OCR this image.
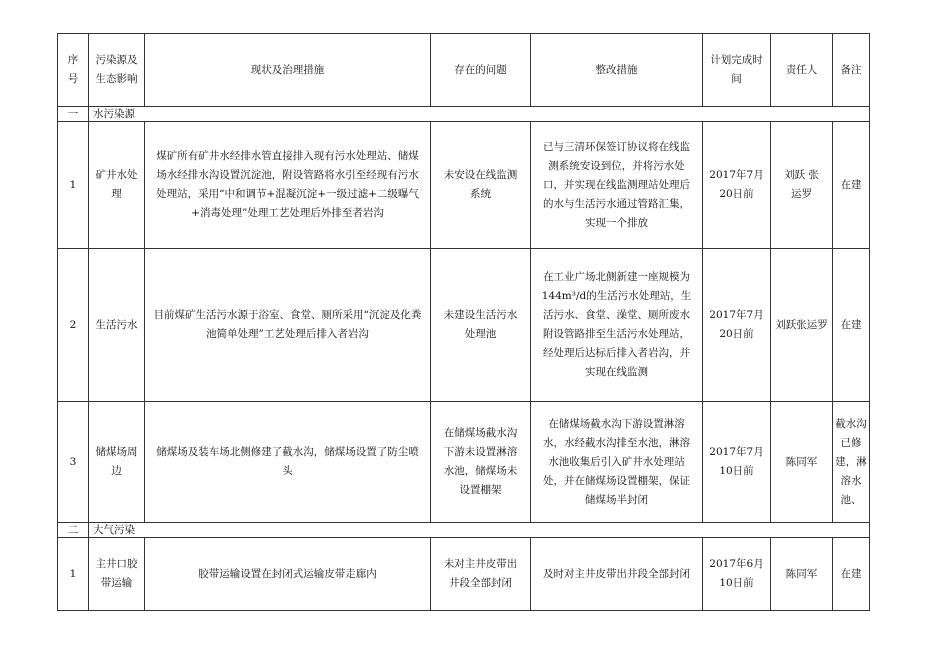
序号	污染源及生态影响	现状及治理措施	存在的问题	整改措施	计划完成时间	责任人	备注
一	水污染源						
1	矿井水处理	煤矿所有矿井水经排水管直接排入现有污水处理站、储煤场水经排水沟设置沉淀池，附设管路将水引至经现有污水处理站，采用“中和调节+混凝沉淀+一级过滤+二级曝气+消毒处理”处理工艺处理后外排至者岩沟	未安设在线监测系统	已与三清环保签订协议将在线监测系统安设到位，并将污水处口，并实现在线监测理站处理后的水与生活污水通过管路汇集，实现一个排放	2017年7月20日前	刘跃 张运罗	在建
2	生活污水	目前煤矿生活污水源于浴室、食堂、厕所采用“沉淀及化粪池简单处理”工艺处理后排入者岩沟	未建设生活污水处理池	在工业广场北侧新建一座规模为144m³/d的生活污水处理站，生活污水、食堂、澡堂、厕所废水附设管路排至生活污水处理站，经处理后达标后排入者岩沟，并实现在线监测	2017年7月20日前	刘跃张运罗	在建
3	储煤场周边	储煤场及装车场北侧修建了截水沟，储煤场设置了防尘喷头	在储煤场截水沟下游未设置淋溶水池，储煤场未设置棚架	在储煤场截水沟下游设置淋溶水，水经截水沟排至水池，淋溶水池收集后引入矿井水处理站处，并在储煤场设置棚架，保证储煤场半封闭	2017年7月10日前	陈同军	截水沟已修建，淋溶水池、

二	大气污染						
1	主井口胶带运输	胶带运输设置在封闭式运输皮带走廊内	未对主井皮带出井段全部封闭	及时对主井皮带出井段全部封闭	2017年6月10日前	陈同军	在建
